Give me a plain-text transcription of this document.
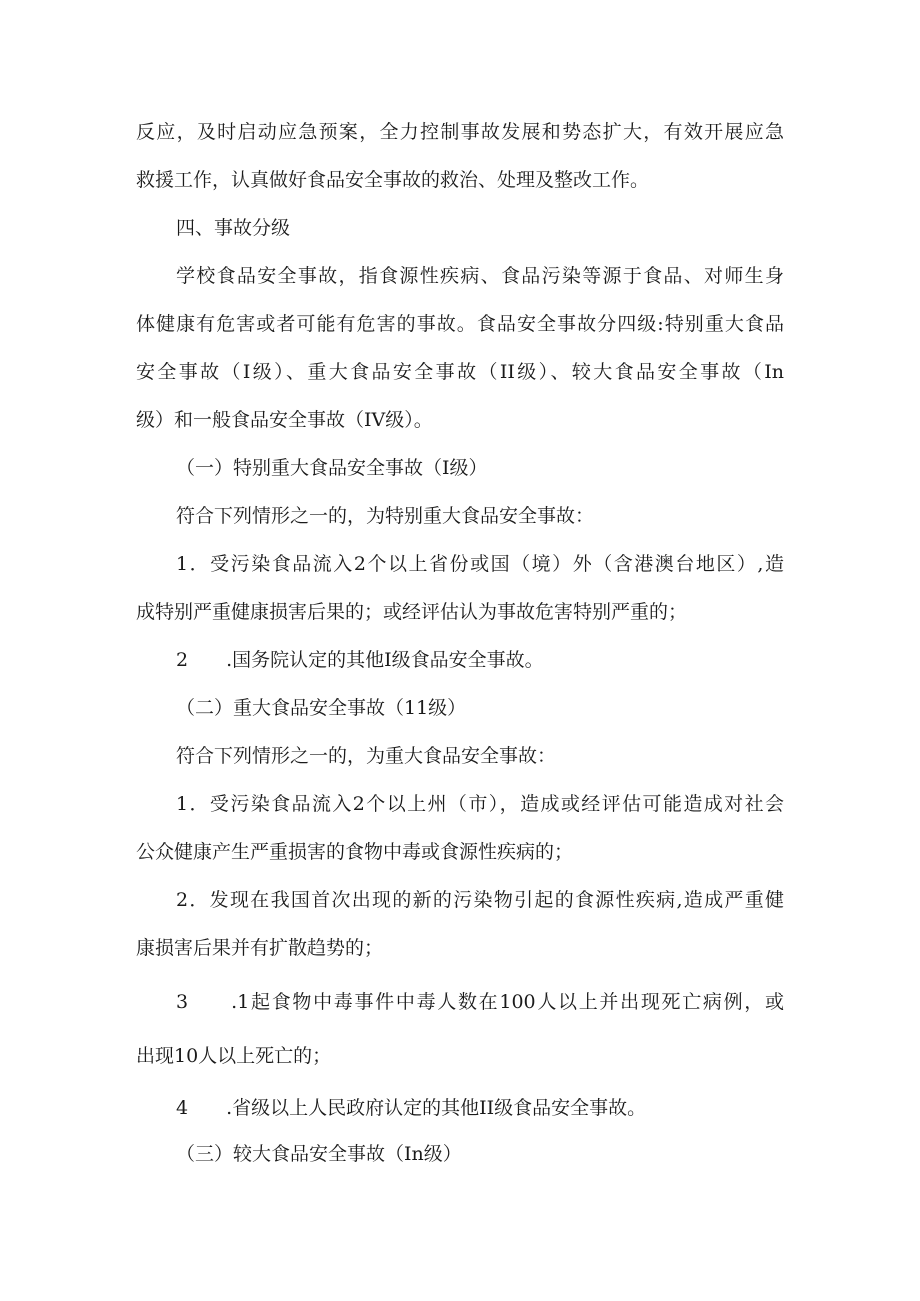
反应，及时启动应急预案，全力控制事故发展和势态扩大，有效开展应急

救援工作，认真做好食品安全事故的救治、处理及整改工作。

四、事故分级

学校食品安全事故，指食源性疾病、食品污染等源于食品、对师生身

体健康有危害或者可能有危害的事故。食品安全事故分四级:特别重大食品

安全事故（I级）、重大食品安全事故（II级）、较大食品安全事故（In

级）和一般食品安全事故（IV级）。

（一）特别重大食品安全事故（I级）

符合下列情形之一的，为特别重大食品安全事故：

1．受污染食品流入2个以上省份或国（境）外（含港澳台地区）,造

成特别严重健康损害后果的；或经评估认为事故危害特别严重的；

2　　.国务院认定的其他I级食品安全事故。

（二）重大食品安全事故（11级）

符合下列情形之一的，为重大食品安全事故：

1．受污染食品流入2个以上州（市），造成或经评估可能造成对社会

公众健康产生严重损害的食物中毒或食源性疾病的；

2．发现在我国首次出现的新的污染物引起的食源性疾病,造成严重健

康损害后果并有扩散趋势的；

3　　.1起食物中毒事件中毒人数在100人以上并出现死亡病例，或

出现10人以上死亡的；

4　　.省级以上人民政府认定的其他II级食品安全事故。

（三）较大食品安全事故（In级）
